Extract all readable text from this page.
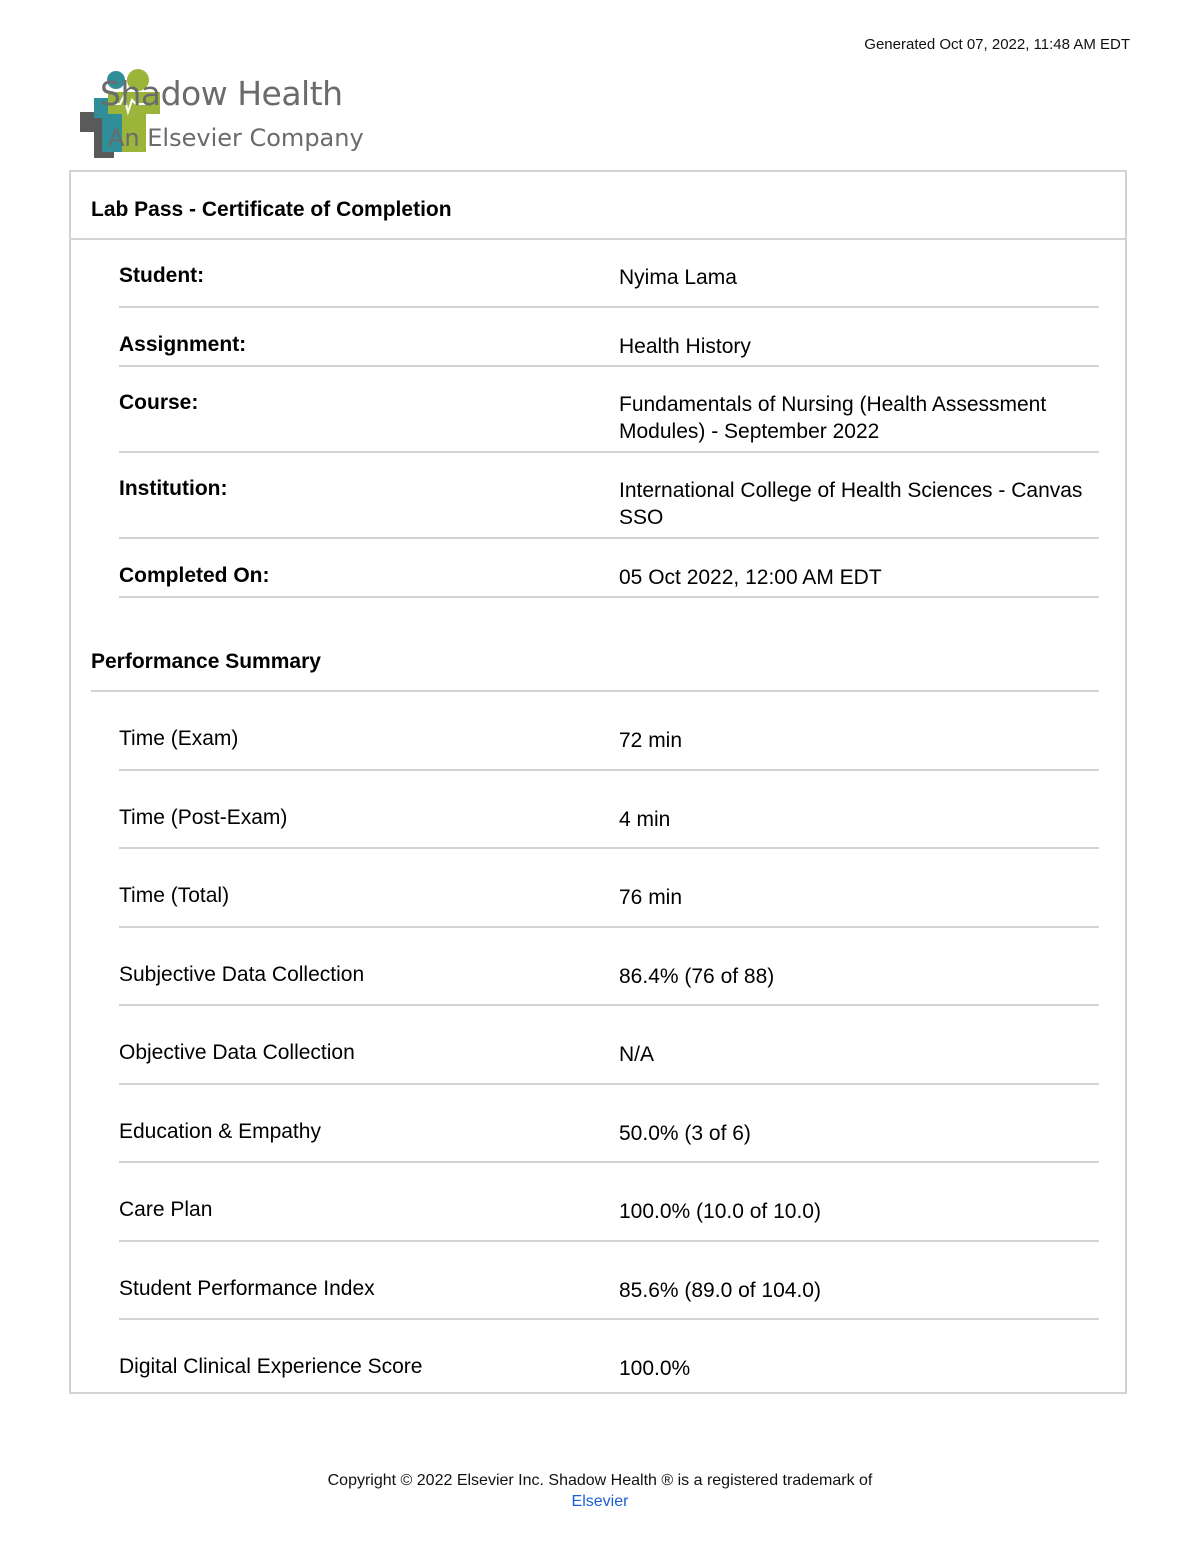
Generated Oct 07, 2022, 11:48 AM EDT
Shadow Health
An Elsevier Company
Lab Pass - Certificate of Completion
Student:	Nyima Lama
Assignment:	Health History
Course:	Fundamentals of Nursing (Health Assessment Modules) - September 2022
Institution:	International College of Health Sciences - Canvas SSO
Completed On:	05 Oct 2022, 12:00 AM EDT
Performance Summary
Time (Exam)	72 min
Time (Post-Exam)	4 min
Time (Total)	76 min
Subjective Data Collection	86.4% (76 of 88)
Objective Data Collection	N/A
Education & Empathy	50.0% (3 of 6)
Care Plan	100.0% (10.0 of 10.0)
Student Performance Index	85.6% (89.0 of 104.0)
Digital Clinical Experience Score	100.0%
Copyright © 2022 Elsevier Inc. Shadow Health ® is a registered trademark of
Elsevier
